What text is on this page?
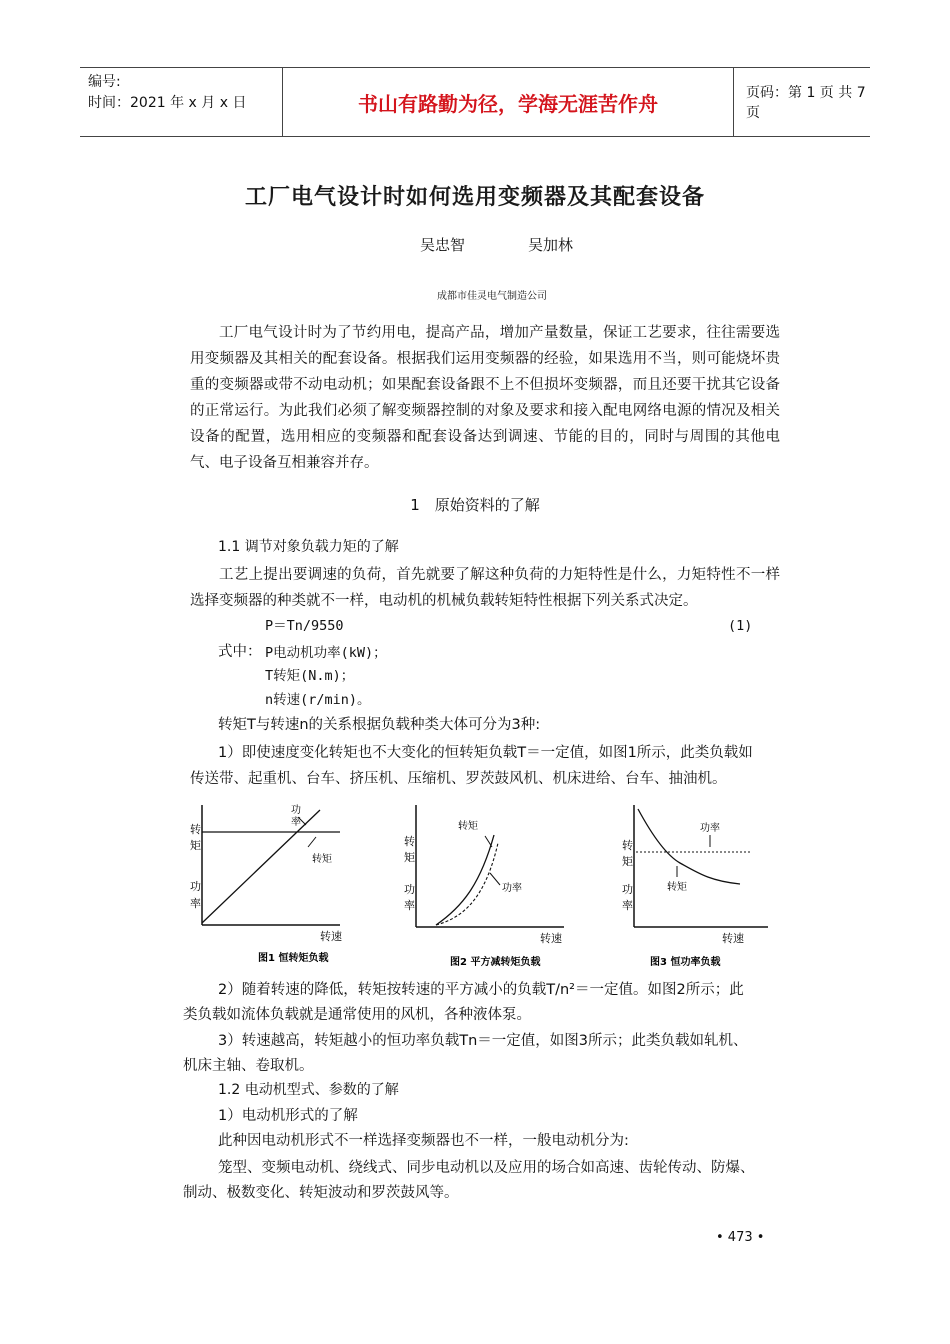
编号:
时间：2021 年 x 月 x 日	书山有路勤为径，学海无涯苦作舟	页码：第 1 页 共 7 页
工厂电气设计时如何选用变频器及其配套设备
吴忠智	吴加林
成都市佳灵电气制造公司

工厂电气设计时为了节约用电，提高产品，增加产量数量，保证工艺要求，往往需要选用变频器及其相关的配套设备。根据我们运用变频器的经验，如果选用不当，则可能烧坏贵重的变频器或带不动电动机；如果配套设备跟不上不但损坏变频器，而且还要干扰其它设备的正常运行。为此我们必须了解变频器控制的对象及要求和接入配电网络电源的情况及相关设备的配置，选用相应的变频器和配套设备达到调速、节能的目的，同时与周围的其他电气、电子设备互相兼容并存。

1　原始资料的了解
1.1 调节对象负载力矩的了解

工艺上提出要调速的负荷，首先就要了解这种负荷的力矩特性是什么，力矩特性不一样选择变频器的种类就不一样，电动机的机械负载转矩特性根据下列关系式决定。

P＝Tn/9550	(1)
式中： P电动机功率(kW)；
T转矩(N.m)；
n转速(r/min)。
转矩T与转速n的关系根据负载种类大体可分为3种:
1）即使速度变化转矩也不大变化的恒转矩负载T＝一定值，如图1所示，此类负载如
传送带、起重机、台车、挤压机、压缩机、罗茨鼓风机、机床进给、台车、抽油机。
转
矩
功
率
功
率
转矩
转速
图1 恒转矩负载
转
矩
功
率
转矩
功率
转速
图2 平方减转矩负载
转
矩
功
率
功率
转矩
转速
图3 恒功率负载
2）随着转速的降低，转矩按转速的平方减小的负载T/n²＝一定值。如图2所示；此
类负载如流体负载就是通常使用的风机，各种液体泵。
3）转速越高，转矩越小的恒功率负载Tn＝一定值，如图3所示；此类负载如轧机、
机床主轴、卷取机。
1.2 电动机型式、参数的了解
1）电动机形式的了解
此种因电动机形式不一样选择变频器也不一样，一般电动机分为:
笼型、变频电动机、绕线式、同步电动机以及应用的场合如高速、齿轮传动、防爆、
制动、极数变化、转矩波动和罗茨鼓风等。
• 473 •
